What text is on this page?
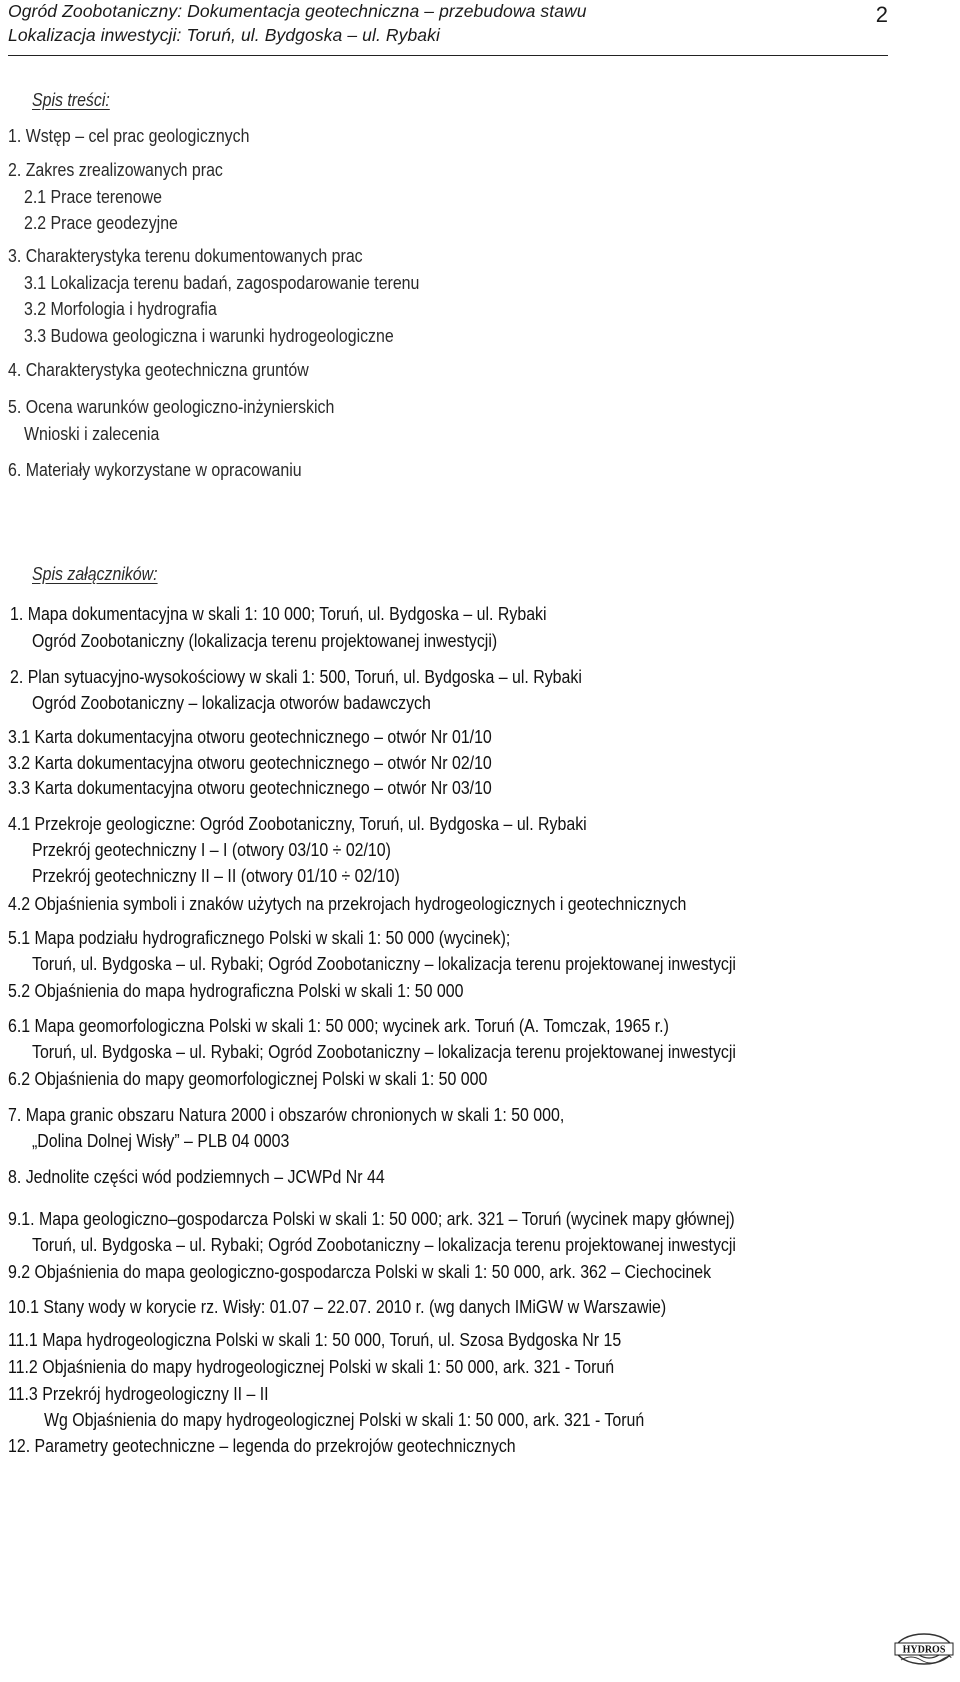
Ogród Zoobotaniczny: Dokumentacja geotechniczna – przebudowa stawu
Lokalizacja inwestycji: Toruń, ul. Bydgoska – ul. Rybaki
2
Spis treści:
1. Wstęp – cel prac geologicznych
2. Zakres zrealizowanych prac
2.1 Prace terenowe
2.2 Prace geodezyjne
3. Charakterystyka terenu dokumentowanych prac
3.1 Lokalizacja terenu badań, zagospodarowanie terenu
3.2 Morfologia i hydrografia
3.3 Budowa geologiczna i warunki hydrogeologiczne
4. Charakterystyka geotechniczna gruntów
5. Ocena warunków geologiczno-inżynierskich
Wnioski i zalecenia
6. Materiały wykorzystane w opracowaniu
Spis załączników:
1. Mapa dokumentacyjna w skali 1: 10 000; Toruń, ul. Bydgoska – ul. Rybaki
Ogród Zoobotaniczny (lokalizacja terenu projektowanej inwestycji)
2. Plan sytuacyjno-wysokościowy w skali 1: 500, Toruń, ul. Bydgoska – ul. Rybaki
Ogród Zoobotaniczny – lokalizacja otworów badawczych
3.1 Karta dokumentacyjna otworu geotechnicznego – otwór Nr 01/10
3.2 Karta dokumentacyjna otworu geotechnicznego – otwór Nr 02/10
3.3 Karta dokumentacyjna otworu geotechnicznego – otwór Nr 03/10
4.1 Przekroje geologiczne: Ogród Zoobotaniczny, Toruń, ul. Bydgoska – ul. Rybaki
Przekrój geotechniczny I – I (otwory 03/10 ÷ 02/10)
Przekrój geotechniczny II – II (otwory 01/10 ÷ 02/10)
4.2 Objaśnienia symboli i znaków użytych na przekrojach hydrogeologicznych i geotechnicznych
5.1 Mapa podziału hydrograficznego Polski w skali 1: 50 000 (wycinek);
Toruń, ul. Bydgoska – ul. Rybaki; Ogród Zoobotaniczny – lokalizacja terenu projektowanej inwestycji
5.2 Objaśnienia do mapa hydrograficzna Polski w skali 1: 50 000
6.1 Mapa geomorfologiczna Polski w skali 1: 50 000; wycinek ark. Toruń (A. Tomczak, 1965 r.)
Toruń, ul. Bydgoska – ul. Rybaki; Ogród Zoobotaniczny – lokalizacja terenu projektowanej inwestycji
6.2 Objaśnienia do mapy geomorfologicznej Polski w skali 1: 50 000
7. Mapa granic obszaru Natura 2000 i obszarów chronionych w skali 1: 50 000,
„Dolina Dolnej Wisły” – PLB 04 0003
8. Jednolite części wód podziemnych – JCWPd Nr 44
9.1. Mapa geologiczno–gospodarcza Polski w skali 1: 50 000; ark. 321 – Toruń (wycinek mapy głównej)
Toruń, ul. Bydgoska – ul. Rybaki; Ogród Zoobotaniczny – lokalizacja terenu projektowanej inwestycji
9.2 Objaśnienia do mapa geologiczno-gospodarcza Polski w skali 1: 50 000, ark. 362 – Ciechocinek
10.1 Stany wody w korycie rz. Wisły: 01.07 – 22.07. 2010 r. (wg danych IMiGW w Warszawie)
11.1 Mapa hydrogeologiczna Polski w skali 1: 50 000, Toruń, ul. Szosa Bydgoska Nr 15
11.2 Objaśnienia do mapy hydrogeologicznej Polski w skali 1: 50 000, ark. 321 - Toruń
11.3 Przekrój hydrogeologiczny II – II
Wg Objaśnienia do mapy hydrogeologicznej Polski w skali 1: 50 000, ark. 321 - Toruń
12. Parametry geotechniczne – legenda do przekrojów geotechnicznych
HYDROS
